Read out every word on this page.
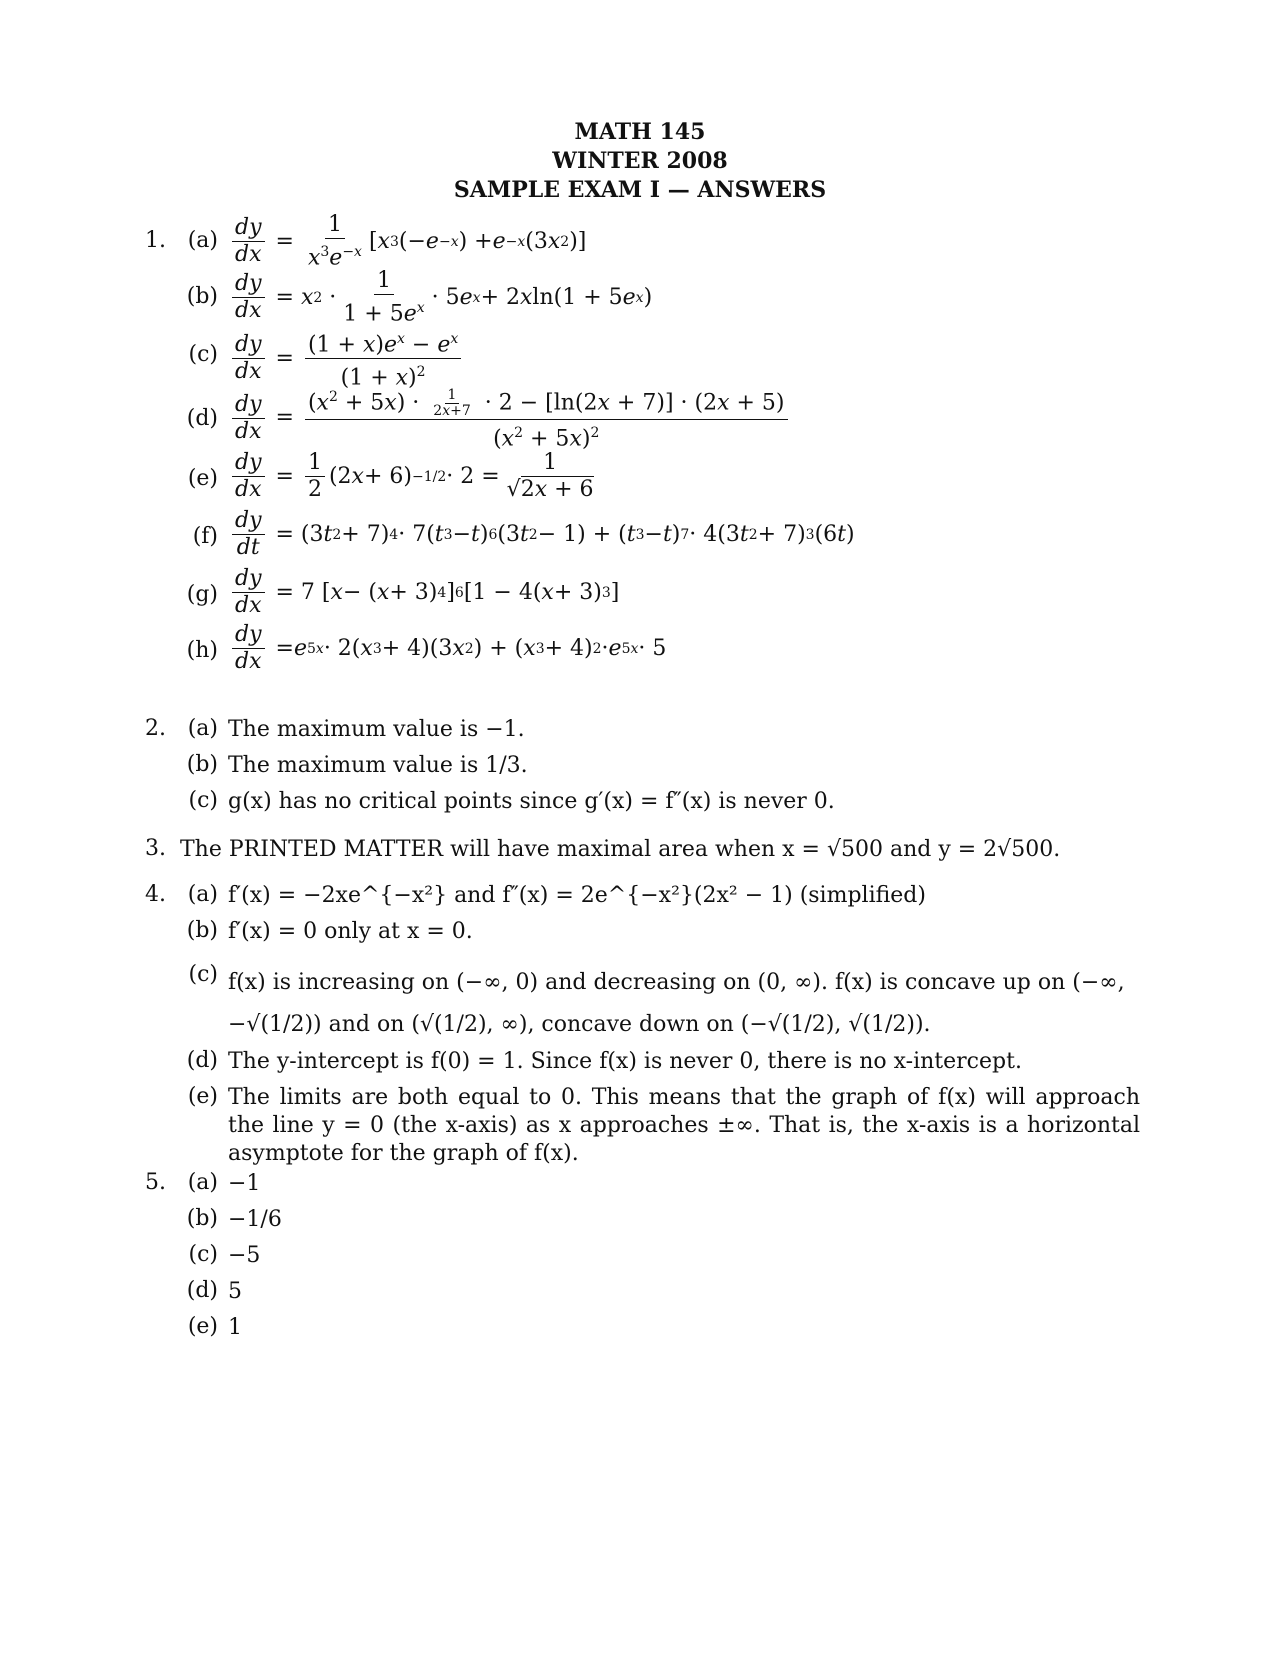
MATH 145
WINTER 2008
SAMPLE EXAM I — ANSWERS
1. $(a) \frac{dy}{dx} = \frac{1}{x^3e^{-x}}$ [ x 3 (− e −x ) + e −x (3 x 2 )]
$(b) \frac{dy}{dx} = x$ $2 \cdot \frac{1}{1 + 5e^x} \cdot 5$ e x + 2 x ln(1 + 5 e x )
$(c) \frac{dy}{dx} = \frac{(1 + x)e^x - e^x}{(1 + x)^2}$
$(d) \frac{dy}{dx} = \frac{(x^2 + 5x) \cdot \frac{1}{2x+7} \cdot 2 - [\ln(2x + 7)] \cdot (2x + 5)}{(x^2 + 5x)^2}$
$(e) \frac{dy}{dx} = \frac{1}{2} (2$ $x + 6) -1/2 \cdot 2 = \frac{1}{√2x + 6}$
$(f) \frac{dy}{dt} = (3$ t 2 + 7) 4 · 7( t 3 − t ) 6 (3 t 2 − 1) + ( t 3 − t ) 7 · 4(3 t 2 + 7) 3 (6 t )
$(g) \frac{dy}{dx} = 7$ [ x − ( x + 3) 4 ] 6 [1 − 4( x + 3) 3 ]
$(h) \frac{dy}{dx} = e$ 5x · 2( x 3 + 4)(3 x 2 ) + ( x 3 + 4) 2 · e 5x · 5
2. (a) The maximum value is −1.
(b) The maximum value is 1/3.
(c) g(x) has no critical points since g′(x) = f″(x) is never 0.
3. The PRINTED MATTER will have maximal area when x = √500 and y = 2√500.
4. (a) f′(x) = −2xe^{−x²} and f″(x) = 2e^{−x²}(2x² − 1) (simplified)
(b) f′(x) = 0 only at x = 0.
(c) f(x) is increasing on (−∞, 0) and decreasing on (0, ∞). f(x) is concave up on (−∞, −√(1/2)) and on (√(1/2), ∞), concave down on (−√(1/2), √(1/2)).
(d) The y-intercept is f(0) = 1. Since f(x) is never 0, there is no x-intercept.
(e) The limits are both equal to 0. This means that the graph of f(x) will approach the line y = 0 (the x-axis) as x approaches ±∞. That is, the x-axis is a horizontal asymptote for the graph of f(x).
5. (a) −1
(b) −1/6
(c) −5
(d) 5
(e) 1
